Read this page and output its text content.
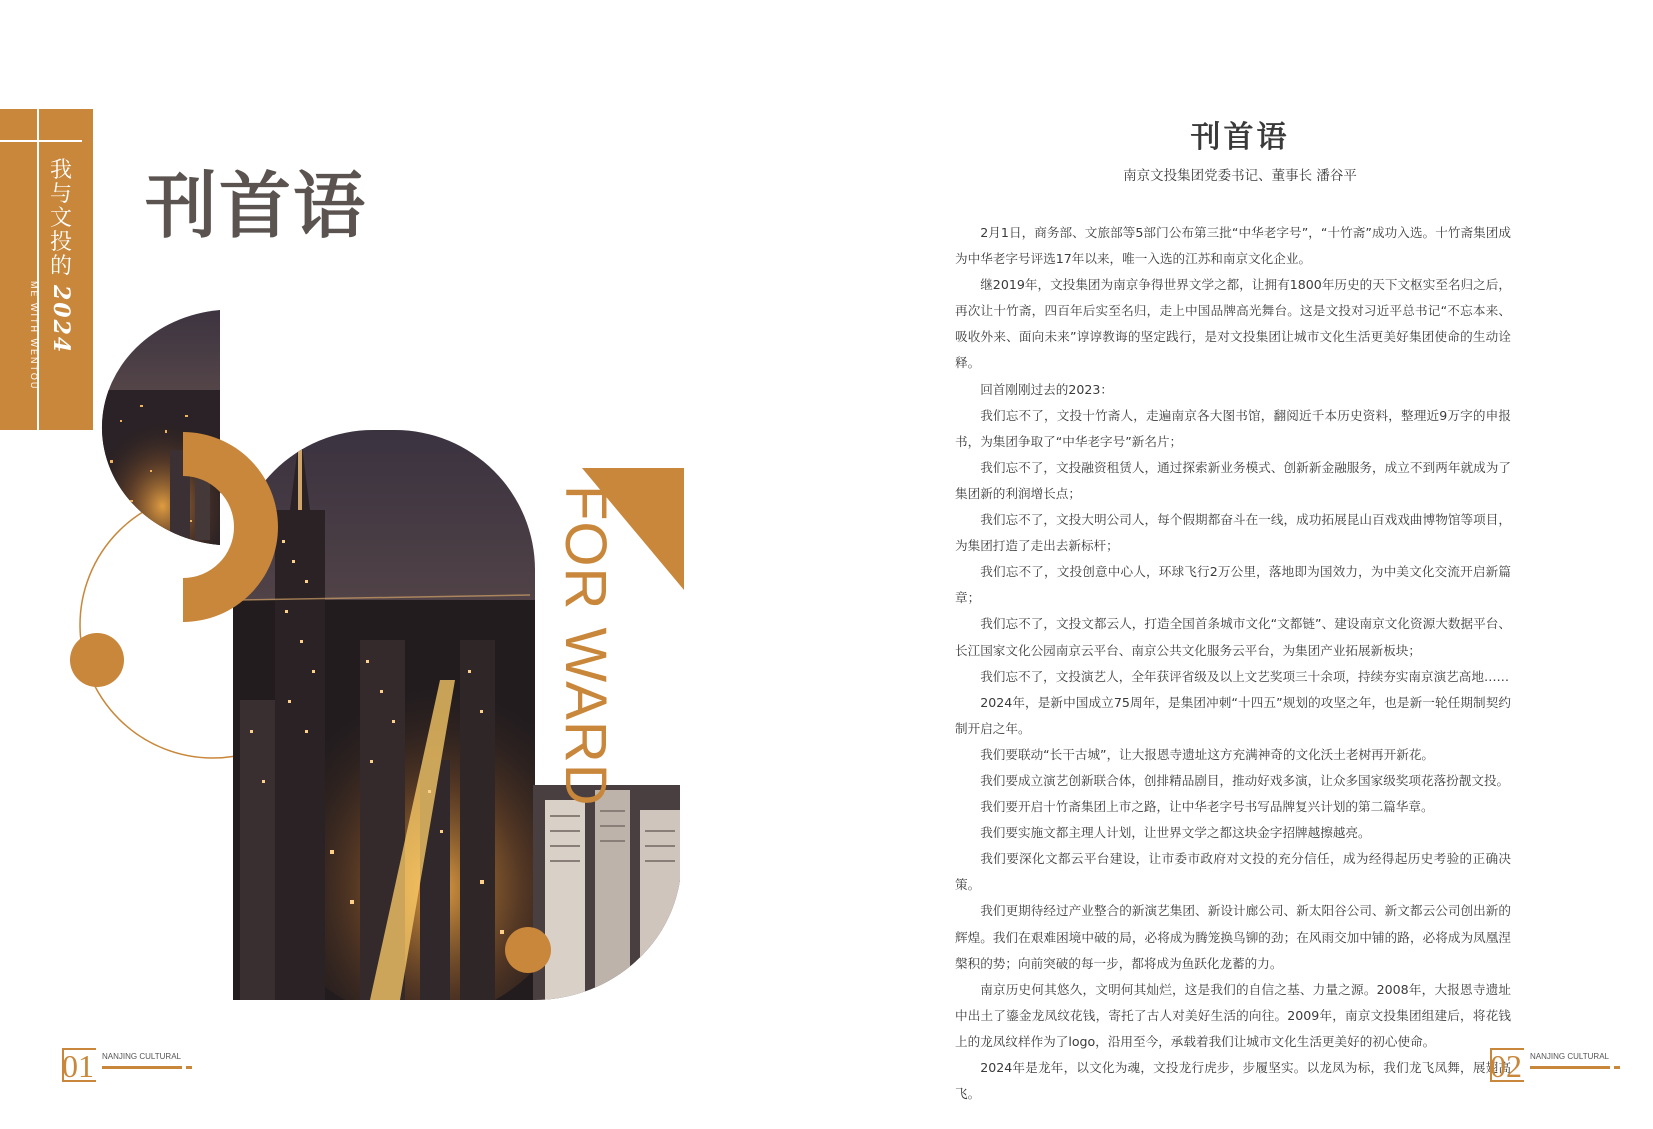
我
与
文
投
的
ME WITH WENTOU 2024
刊首语
FOR WARD
01 NANJING CULTURAL
刊首语
南京文投集团党委书记、董事长 潘谷平

2月1日，商务部、文旅部等5部门公布第三批“中华老字号”，“十竹斋”成功入选。十竹斋集团成为中华老字号评选17年以来，唯一入选的江苏和南京文化企业。

继2019年，文投集团为南京争得世界文学之都，让拥有1800年历史的天下文枢实至名归之后，再次让十竹斋，四百年后实至名归，走上中国品牌高光舞台。这是文投对习近平总书记“不忘本来、吸收外来、面向未来”谆谆教诲的坚定践行，是对文投集团让城市文化生活更美好集团使命的生动诠释。

回首刚刚过去的2023：

我们忘不了，文投十竹斋人，走遍南京各大图书馆，翻阅近千本历史资料，整理近9万字的申报书，为集团争取了“中华老字号”新名片；

我们忘不了，文投融资租赁人，通过探索新业务模式、创新新金融服务，成立不到两年就成为了集团新的利润增长点；

我们忘不了，文投大明公司人，每个假期都奋斗在一线，成功拓展昆山百戏戏曲博物馆等项目，为集团打造了走出去新标杆；

我们忘不了，文投创意中心人，环球飞行2万公里，落地即为国效力，为中美文化交流开启新篇章；

我们忘不了，文投文都云人，打造全国首条城市文化“文都链”、建设南京文化资源大数据平台、长江国家文化公园南京云平台、南京公共文化服务云平台，为集团产业拓展新板块；

我们忘不了，文投演艺人，全年获评省级及以上文艺奖项三十余项，持续夯实南京演艺高地……

2024年，是新中国成立75周年，是集团冲刺“十四五”规划的攻坚之年，也是新一轮任期制契约制开启之年。

我们要联动“长干古城”，让大报恩寺遗址这方充满神奇的文化沃土老树再开新花。

我们要成立演艺创新联合体，创排精品剧目，推动好戏多演，让众多国家级奖项花落扮靓文投。

我们要开启十竹斋集团上市之路，让中华老字号书写品牌复兴计划的第二篇华章。

我们要实施文都主理人计划，让世界文学之都这块金字招牌越擦越亮。

我们要深化文都云平台建设，让市委市政府对文投的充分信任，成为经得起历史考验的正确决策。

我们更期待经过产业整合的新演艺集团、新设计廊公司、新太阳谷公司、新文都云公司创出新的辉煌。我们在艰难困境中破的局，必将成为腾笼换鸟铆的劲；在风雨交加中铺的路，必将成为凤凰涅槃积的势；向前突破的每一步，都将成为鱼跃化龙蓄的力。

南京历史何其悠久，文明何其灿烂，这是我们的自信之基、力量之源。2008年，大报恩寺遗址中出土了鎏金龙凤纹花钱，寄托了古人对美好生活的向往。2009年，南京文投集团组建后，将花钱上的龙凤纹样作为了logo，沿用至今，承载着我们让城市文化生活更美好的初心使命。

2024年是龙年，以文化为魂，文投龙行虎步，步履坚实。以龙凤为标，我们龙飞凤舞，展翅高飞。

02 NANJING CULTURAL
